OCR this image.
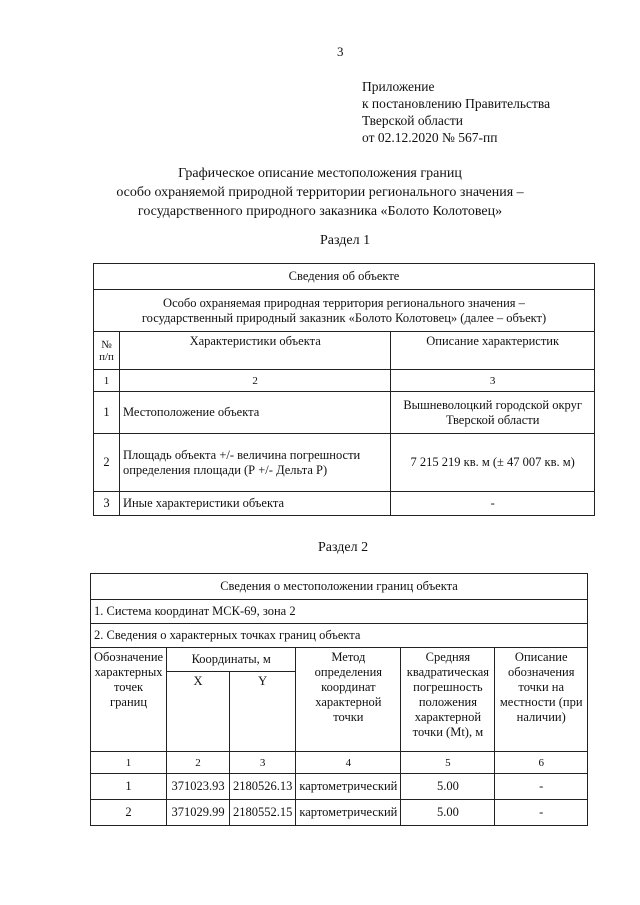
3
Приложение
к постановлению Правительства
Тверской области
от 02.12.2020 № 567-пп
Графическое описание местоположения границ
особо охраняемой природной территории регионального значения –
государственного природного заказника «Болото Колотовец»
Раздел 1
Сведения об объекте		

Особо охраняемая природная территория регионального значения –
государственный природный заказник «Болото Колотовец» (далее – объект)		

№ п/п	Характеристики объекта	Описание характеристик
1	2	3
1	Местоположение объекта	Вышневолоцкий городской округ Тверской области
2	Площадь объекта +/- величина погрешности определения площади (Р +/- Дельта Р)	7 215 219 кв. м (± 47 007 кв. м)
3	Иные характеристики объекта	-
Раздел 2
Сведения о местоположении границ объекта					
1. Система координат МСК-69, зона 2					
2. Сведения о характерных точках границ объекта					
Обозначение характерных точек границ	Координаты, м		Метод определения координат характерной точки	Средняя квадратическая погрешность положения характерной точки (Mt), м	Описание обозначения точки на местности (при наличии)
	X	Y			
1	2	3	4	5	6
1	371023.93	2180526.13	картометрический	5.00	-
2	371029.99	2180552.15	картометрический	5.00	-
